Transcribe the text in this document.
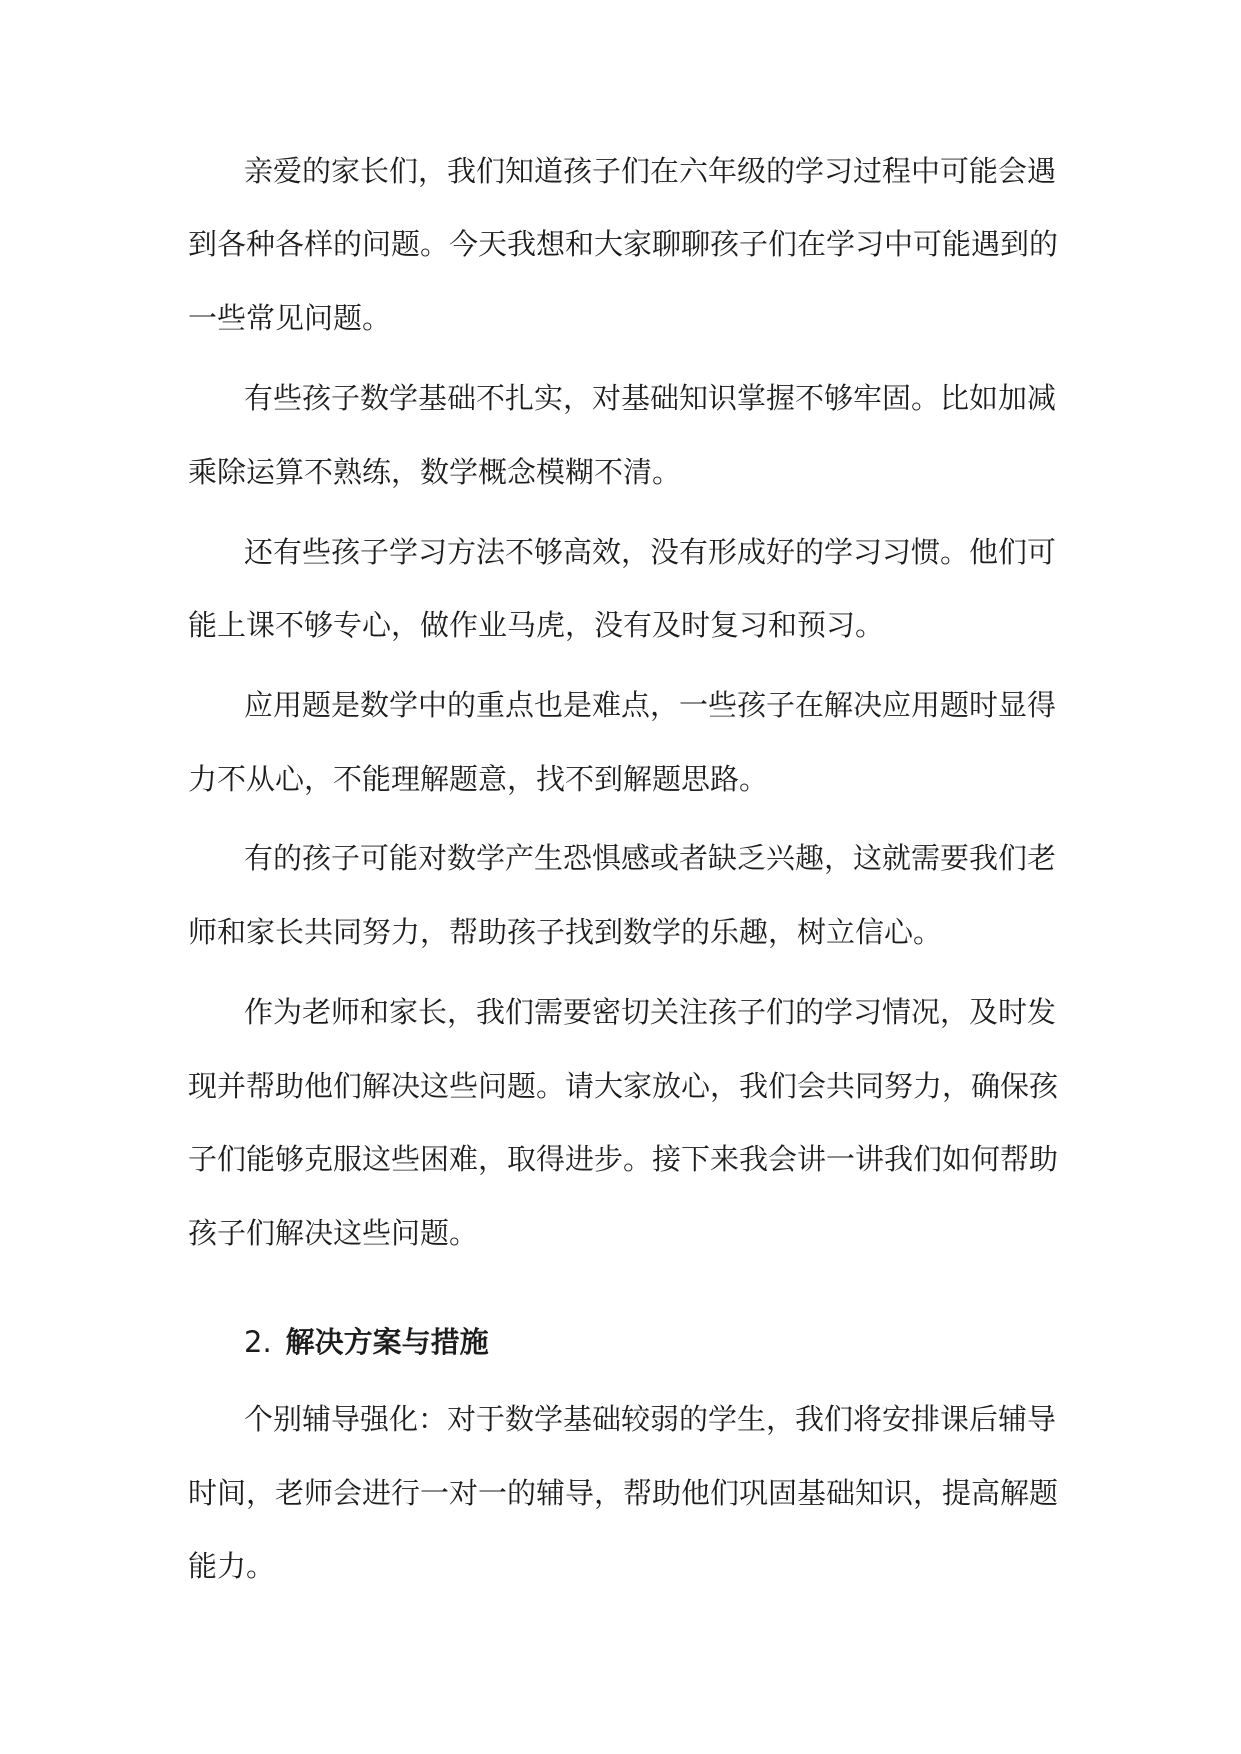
亲爱的家长们，我们知道孩子们在六年级的学习过程中可能会遇
到各种各样的问题。今天我想和大家聊聊孩子们在学习中可能遇到的
一些常见问题。
有些孩子数学基础不扎实，对基础知识掌握不够牢固。比如加减
乘除运算不熟练，数学概念模糊不清。
还有些孩子学习方法不够高效，没有形成好的学习习惯。他们可
能上课不够专心，做作业马虎，没有及时复习和预习。
应用题是数学中的重点也是难点，一些孩子在解决应用题时显得
力不从心，不能理解题意，找不到解题思路。
有的孩子可能对数学产生恐惧感或者缺乏兴趣，这就需要我们老
师和家长共同努力，帮助孩子找到数学的乐趣，树立信心。
作为老师和家长，我们需要密切关注孩子们的学习情况，及时发
现并帮助他们解决这些问题。请大家放心，我们会共同努力，确保孩
子们能够克服这些困难，取得进步。接下来我会讲一讲我们如何帮助
孩子们解决这些问题。
2. 解决方案与措施
个别辅导强化：对于数学基础较弱的学生，我们将安排课后辅导
时间，老师会进行一对一的辅导，帮助他们巩固基础知识，提高解题
能力。
